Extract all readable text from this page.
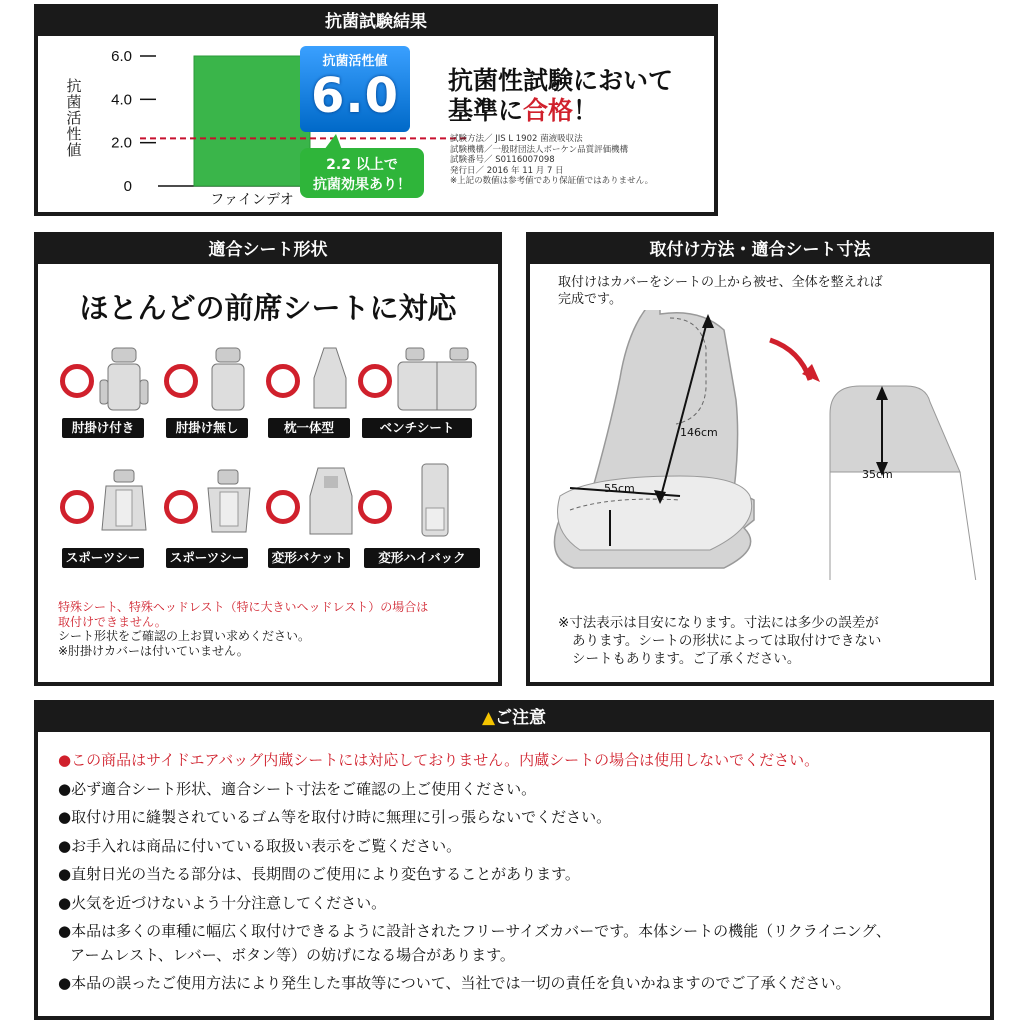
抗菌試験結果
抗
菌
活
性
値
0
2.0
4.0
6.0
ファインデオ
抗菌活性値
6.0
2.2 以上で
抗菌効果あり！
抗菌性試験において
基準に合格！
試験方法／ JIS L 1902 菌液吸収法
試験機構／一般財団法人ボーケン品質評価機構
試験番号／ S0116007098
発行日／ 2016 年 11 月 7 日
※上記の数値は参考値であり保証値ではありません。
適合シート形状
ほとんどの前席シートに対応
肘掛け付き	肘掛け無し	枕一体型	ベンチシート
スポーツシート
スポーツシート
変形バケット	変形ハイバック
特殊シート、特殊ヘッドレスト（特に大きいヘッドレスト）の場合は
取付けできません。
シート形状をご確認の上お買い求めください。
※肘掛けカバーは付いていません。
取付け方法・適合シート寸法
取付けはカバーをシートの上から被せ、全体を整えれば
完成です。
146cm
55cm
35cm
※寸法表示は目安になります。寸法には多少の誤差が
あります。シートの形状によっては取付けできない
シートもあります。ご了承ください。
▲ご注意
●この商品はサイドエアバッグ内蔵シートには対応しておりません。内蔵シートの場合は使用しないでください。
●必ず適合シート形状、適合シート寸法をご確認の上ご使用ください。
●取付け用に縫製されているゴム等を取付け時に無理に引っ張らないでください。
●お手入れは商品に付いている取扱い表示をご覧ください。
●直射日光の当たる部分は、長期間のご使用により変色することがあります。
●火気を近づけないよう十分注意してください。
●本品は多くの車種に幅広く取付けできるように設計されたフリーサイズカバーです。本体シートの機能（リクライニング、
アームレスト、レバー、ボタン等）の妨げになる場合があります。
●本品の誤ったご使用方法により発生した事故等について、当社では一切の責任を負いかねますのでご了承ください。
